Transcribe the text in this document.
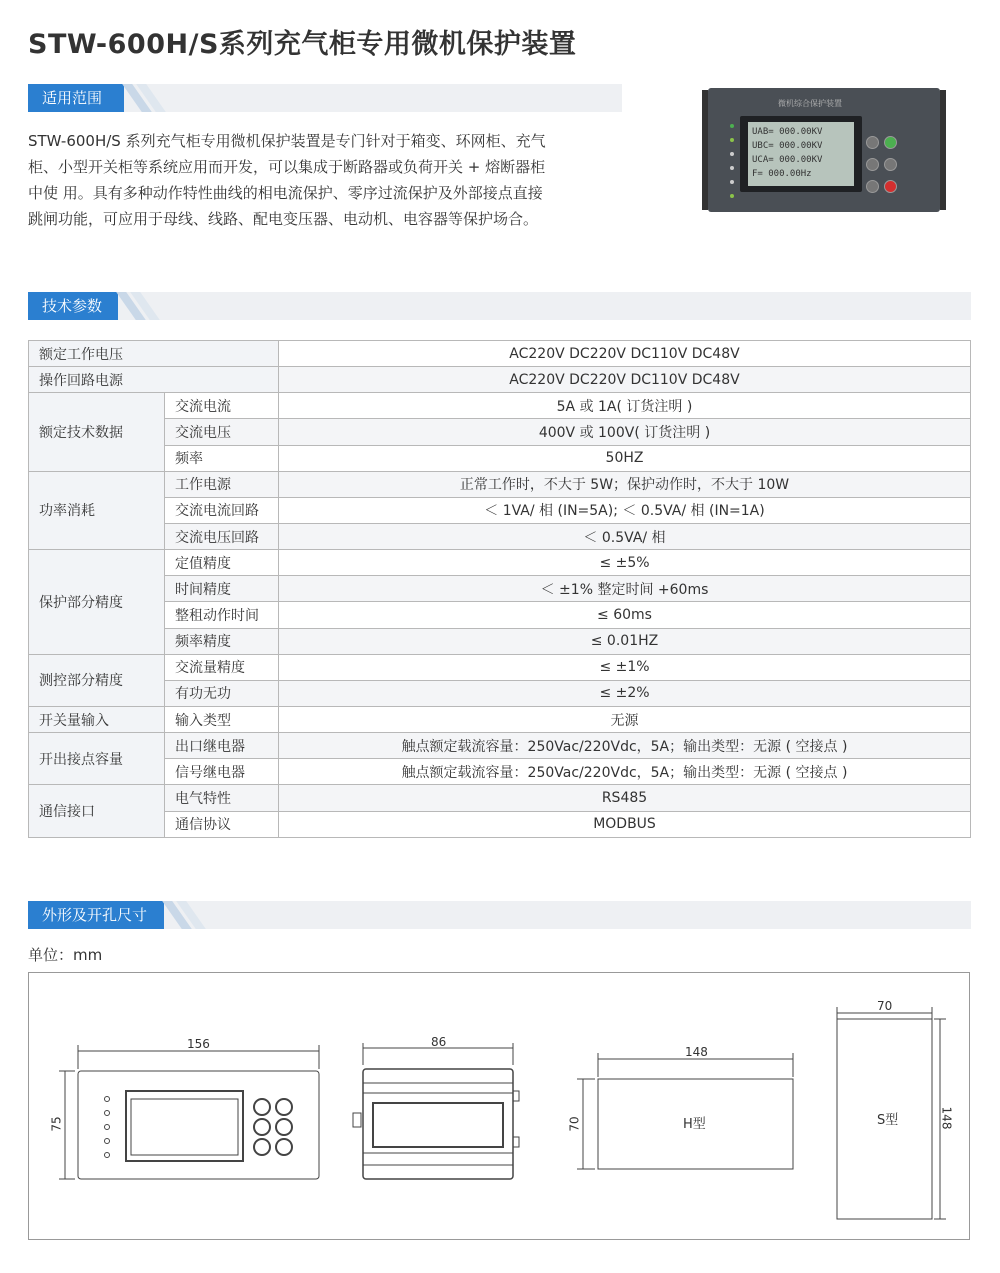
STW-600H/S系列充气柜专用微机保护装置
适用范围
STW-600H/S 系列充气柜专用微机保护装置是专门针对于箱变、环网柜、充气
柜、小型开关柜等系统应用而开发，可以集成于断路器或负荷开关 + 熔断器柜
中使 用。具有多种动作特性曲线的相电流保护、零序过流保护及外部接点直接
跳闸功能，可应用于母线、线路、配电变压器、电动机、电容器等保护场合。
微机综合保护装置
UAB= 000.00KV
UBC= 000.00KV
UCA= 000.00KV
F= 000.00Hz
技术参数
额定工作电压		AC220V DC220V DC110V DC48V
操作回路电源		AC220V DC220V DC110V DC48V
额定技术数据	交流电流	5A 或 1A( 订货注明 )
	交流电压	400V 或 100V( 订货注明 )
	频率	50HZ
功率消耗	工作电源	正常工作时，不大于 5W；保护动作时，不大于 10W
	交流电流回路	＜ 1VA/ 相 (IN=5A); ＜ 0.5VA/ 相 (IN=1A)
	交流电压回路	＜ 0.5VA/ 相
保护部分精度	定值精度	≤ ±5%
	时间精度	＜ ±1% 整定时间 +60ms
	整租动作时间	≤ 60ms
	频率精度	≤ 0.01HZ
测控部分精度	交流量精度	≤ ±1%
	有功无功	≤ ±2%
开关量输入	输入类型	无源
开出接点容量	出口继电器	触点额定载流容量：250Vac/220Vdc，5A；输出类型：无源 ( 空接点 )
	信号继电器	触点额定载流容量：250Vac/220Vdc，5A；输出类型：无源 ( 空接点 )
通信接口	电气特性	RS485
	通信协议	MODBUS
外形及开孔尺寸
单位：mm
156
75
86
148
70	H型
70
148
S型
